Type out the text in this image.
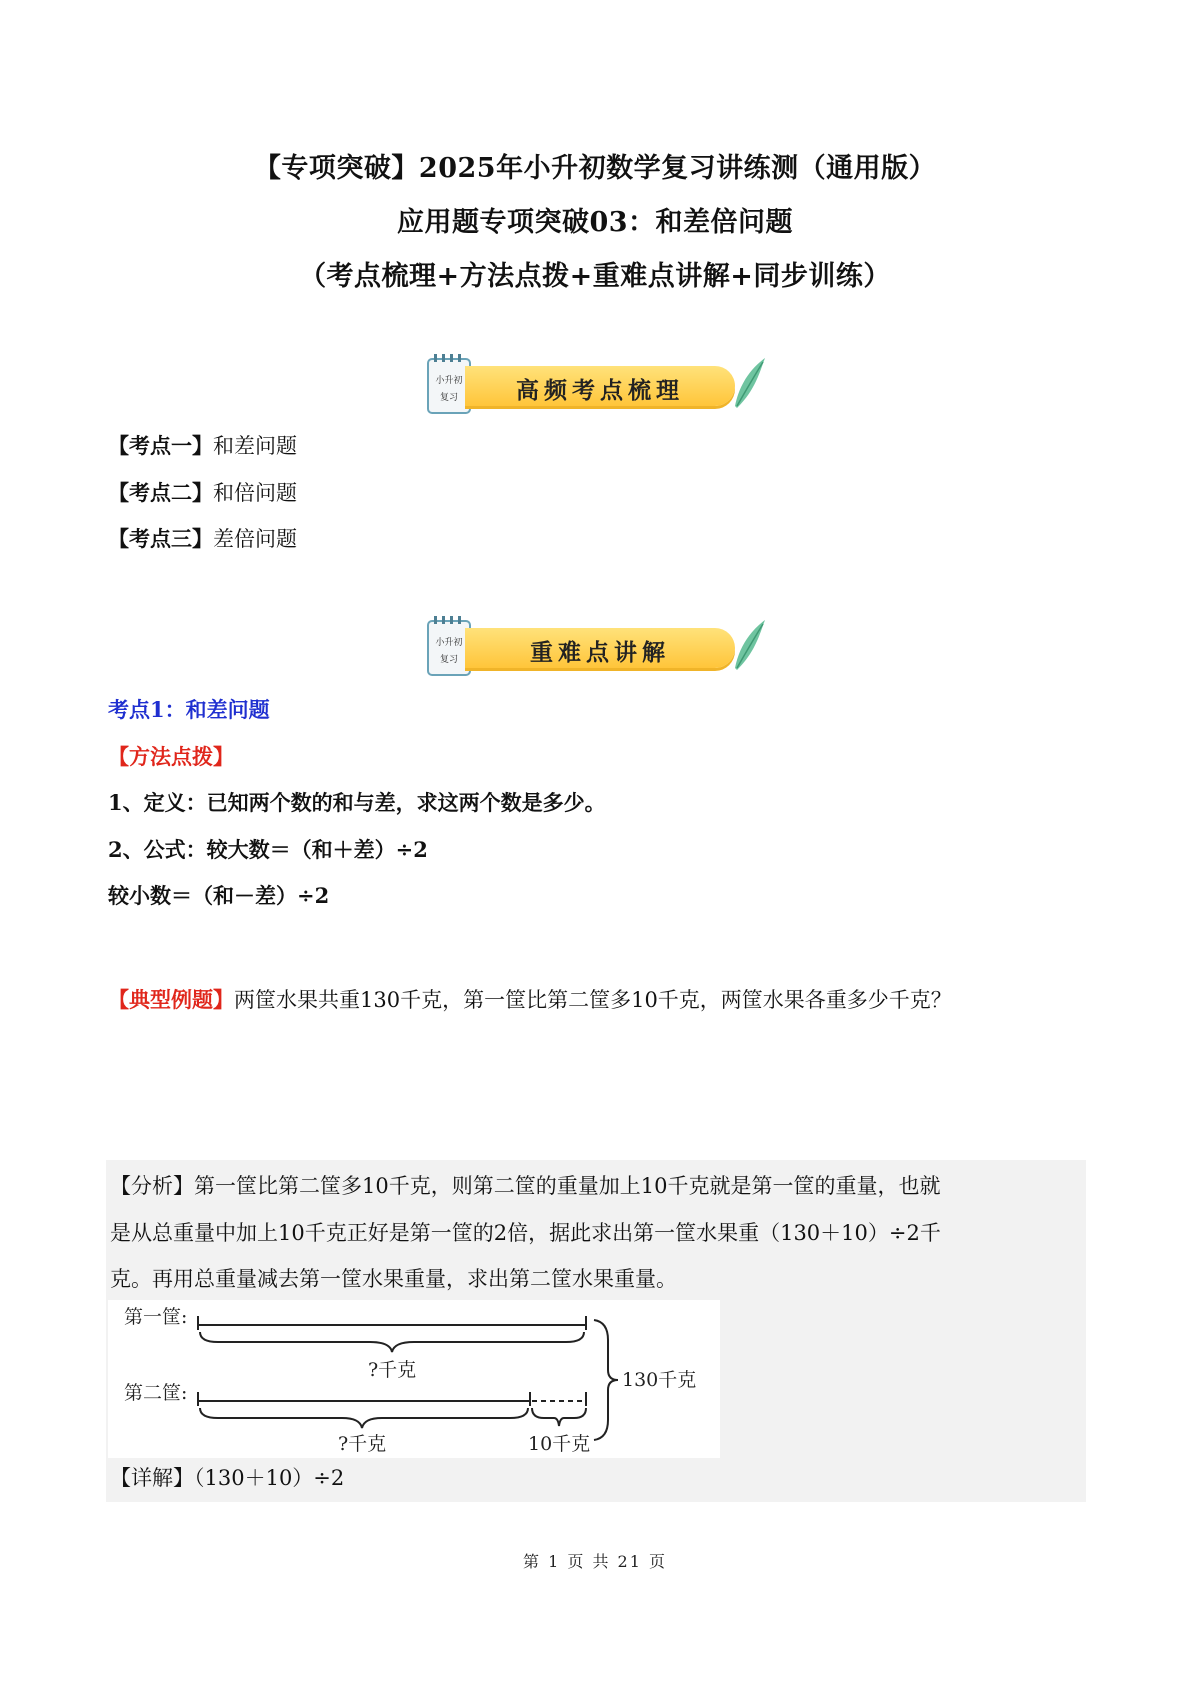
【专项突破】2025年小升初数学复习讲练测（通用版）
应用题专项突破03：和差倍问题
（考点梳理+方法点拨+重难点讲解+同步训练）
小升初
复习	高频考点梳理
【考点一】和差问题
【考点二】和倍问题
【考点三】差倍问题
小升初
复习	重难点讲解
考点1：和差问题
【方法点拨】
1、定义：已知两个数的和与差，求这两个数是多少。
2、公式：较大数＝（和＋差）÷2
较小数＝（和－差）÷2
【典型例题】两筐水果共重130千克，第一筐比第二筐多10千克，两筐水果各重多少千克？
【分析】第一筐比第二筐多10千克，则第二筐的重量加上10千克就是第一筐的重量，也就
是从总重量中加上10千克正好是第一筐的2倍，据此求出第一筐水果重（130＋10）÷2千
克。再用总重量减去第一筐水果重量，求出第二筐水果重量。
【详解】（130＋10）÷2
第一筐:
?千克	130千克
第二筐:
?千克	10千克
第 1 页 共 21 页
